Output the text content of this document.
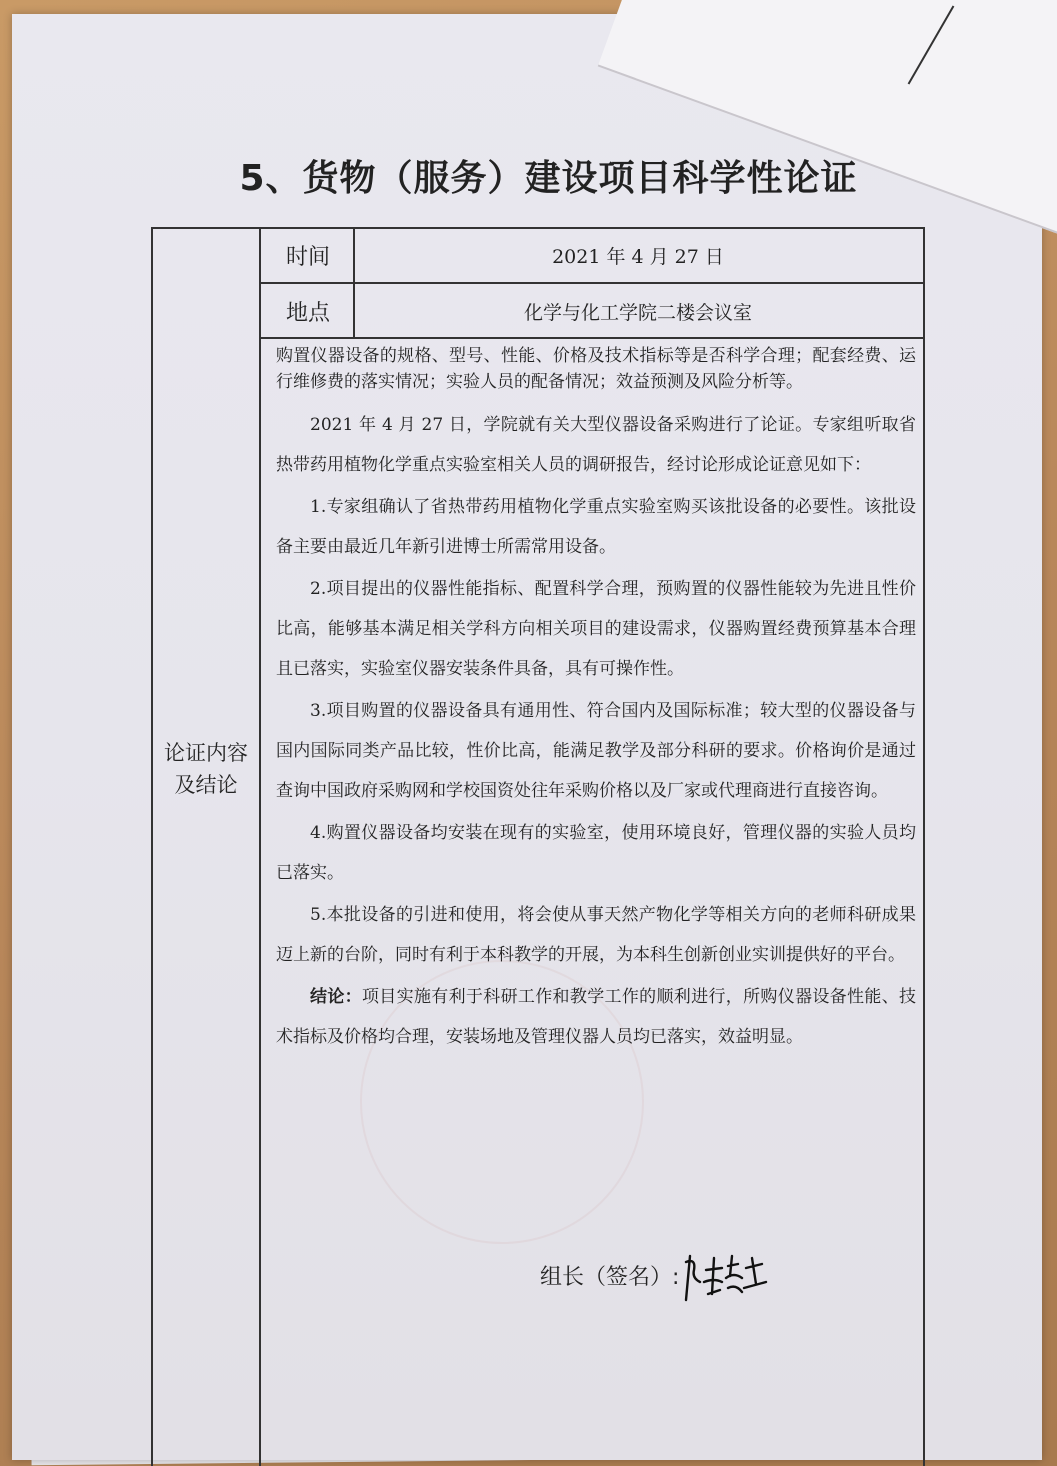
5、货物（服务）建设项目科学性论证
时间	2021 年 4 月 27 日
地点	化学与化工学院二楼会议室
论证内容
及结论

购置仪器设备的规格、型号、性能、价格及技术指标等是否科学合理；配套经费、运行维修费的落实情况；实验人员的配备情况；效益预测及风险分析等。

2021 年 4 月 27 日，学院就有关大型仪器设备采购进行了论证。专家组听取省热带药用植物化学重点实验室相关人员的调研报告，经讨论形成论证意见如下：

1.专家组确认了省热带药用植物化学重点实验室购买该批设备的必要性。该批设备主要由最近几年新引进博士所需常用设备。

2.项目提出的仪器性能指标、配置科学合理，预购置的仪器性能较为先进且性价比高，能够基本满足相关学科方向相关项目的建设需求，仪器购置经费预算基本合理且已落实，实验室仪器安装条件具备，具有可操作性。

3.项目购置的仪器设备具有通用性、符合国内及国际标准；较大型的仪器设备与国内国际同类产品比较，性价比高，能满足教学及部分科研的要求。价格询价是通过查询中国政府采购网和学校国资处往年采购价格以及厂家或代理商进行直接咨询。

4.购置仪器设备均安装在现有的实验室，使用环境良好，管理仪器的实验人员均已落实。

5.本批设备的引进和使用，将会使从事天然产物化学等相关方向的老师科研成果迈上新的台阶，同时有利于本科教学的开展，为本科生创新创业实训提供好的平台。

结论：项目实施有利于科研工作和教学工作的顺利进行，所购仪器设备性能、技术指标及价格均合理，安装场地及管理仪器人员均已落实，效益明显。

组长（签名）:
